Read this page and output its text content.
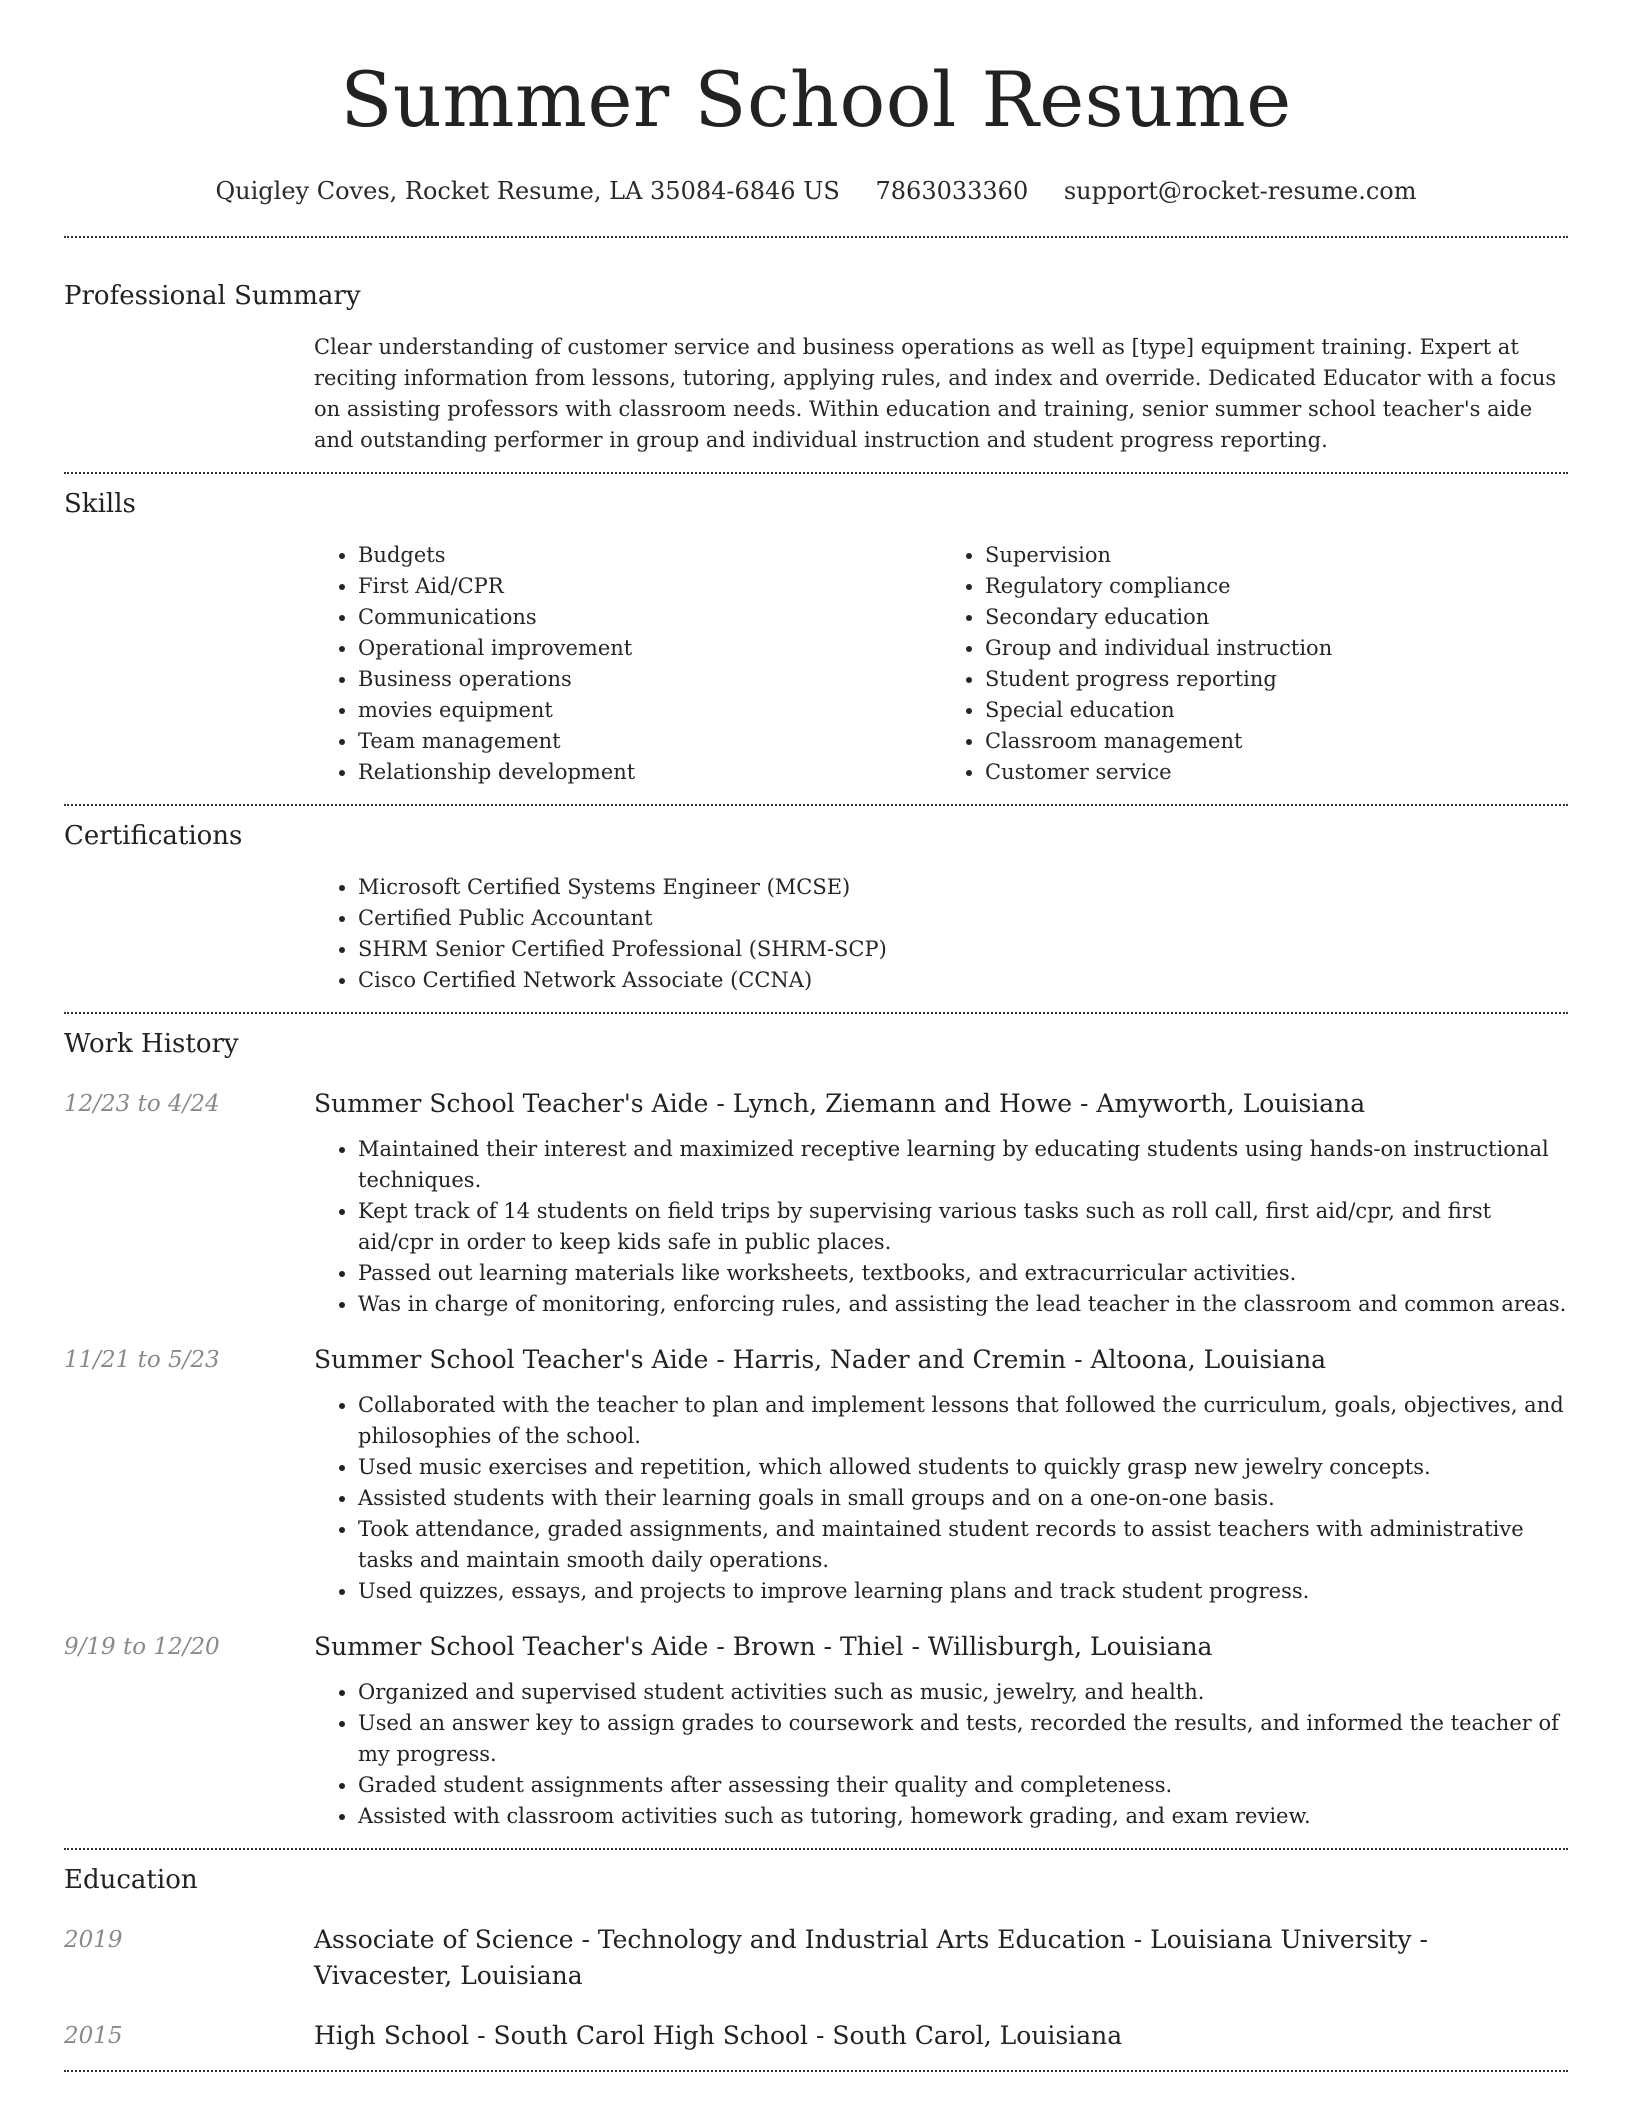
Summer School Resume
Quigley Coves, Rocket Resume, LA 35084-6846 US 7863033360 support@rocket-resume.com
Professional Summary
Clear understanding of customer service and business operations as well as [type] equipment training. Expert at reciting information from lessons, tutoring, applying rules, and index and override. Dedicated Educator with a focus on assisting professors with classroom needs. Within education and training, senior summer school teacher's aide and outstanding performer in group and individual instruction and student progress reporting.
Skills
• Budgets
• First Aid/CPR
• Communications
• Operational improvement
• Business operations
• movies equipment
• Team management
• Relationship development
• Supervision
• Regulatory compliance
• Secondary education
• Group and individual instruction
• Student progress reporting
• Special education
• Classroom management
• Customer service
Certifications
• Microsoft Certified Systems Engineer (MCSE)
• Certified Public Accountant
• SHRM Senior Certified Professional (SHRM-SCP)
• Cisco Certified Network Associate (CCNA)
Work History
12/23 to 4/24	Summer School Teacher's Aide - Lynch, Ziemann and Howe - Amyworth, Louisiana
• Maintained their interest and maximized receptive learning by educating students using hands-on instructional techniques.
• Kept track of 14 students on field trips by supervising various tasks such as roll call, first aid/cpr, and first aid/cpr in order to keep kids safe in public places.
• Passed out learning materials like worksheets, textbooks, and extracurricular activities.
• Was in charge of monitoring, enforcing rules, and assisting the lead teacher in the classroom and common areas.
11/21 to 5/23	Summer School Teacher's Aide - Harris, Nader and Cremin - Altoona, Louisiana
• Collaborated with the teacher to plan and implement lessons that followed the curriculum, goals, objectives, and philosophies of the school.
• Used music exercises and repetition, which allowed students to quickly grasp new jewelry concepts.
• Assisted students with their learning goals in small groups and on a one-on-one basis.
• Took attendance, graded assignments, and maintained student records to assist teachers with administrative tasks and maintain smooth daily operations.
• Used quizzes, essays, and projects to improve learning plans and track student progress.
9/19 to 12/20	Summer School Teacher's Aide - Brown - Thiel - Willisburgh, Louisiana
• Organized and supervised student activities such as music, jewelry, and health.
• Used an answer key to assign grades to coursework and tests, recorded the results, and informed the teacher of my progress.
• Graded student assignments after assessing their quality and completeness.
• Assisted with classroom activities such as tutoring, homework grading, and exam review.
Education
2019	Associate of Science - Technology and Industrial Arts Education - Louisiana University - Vivacester, Louisiana
2015	High School - South Carol High School - South Carol, Louisiana
